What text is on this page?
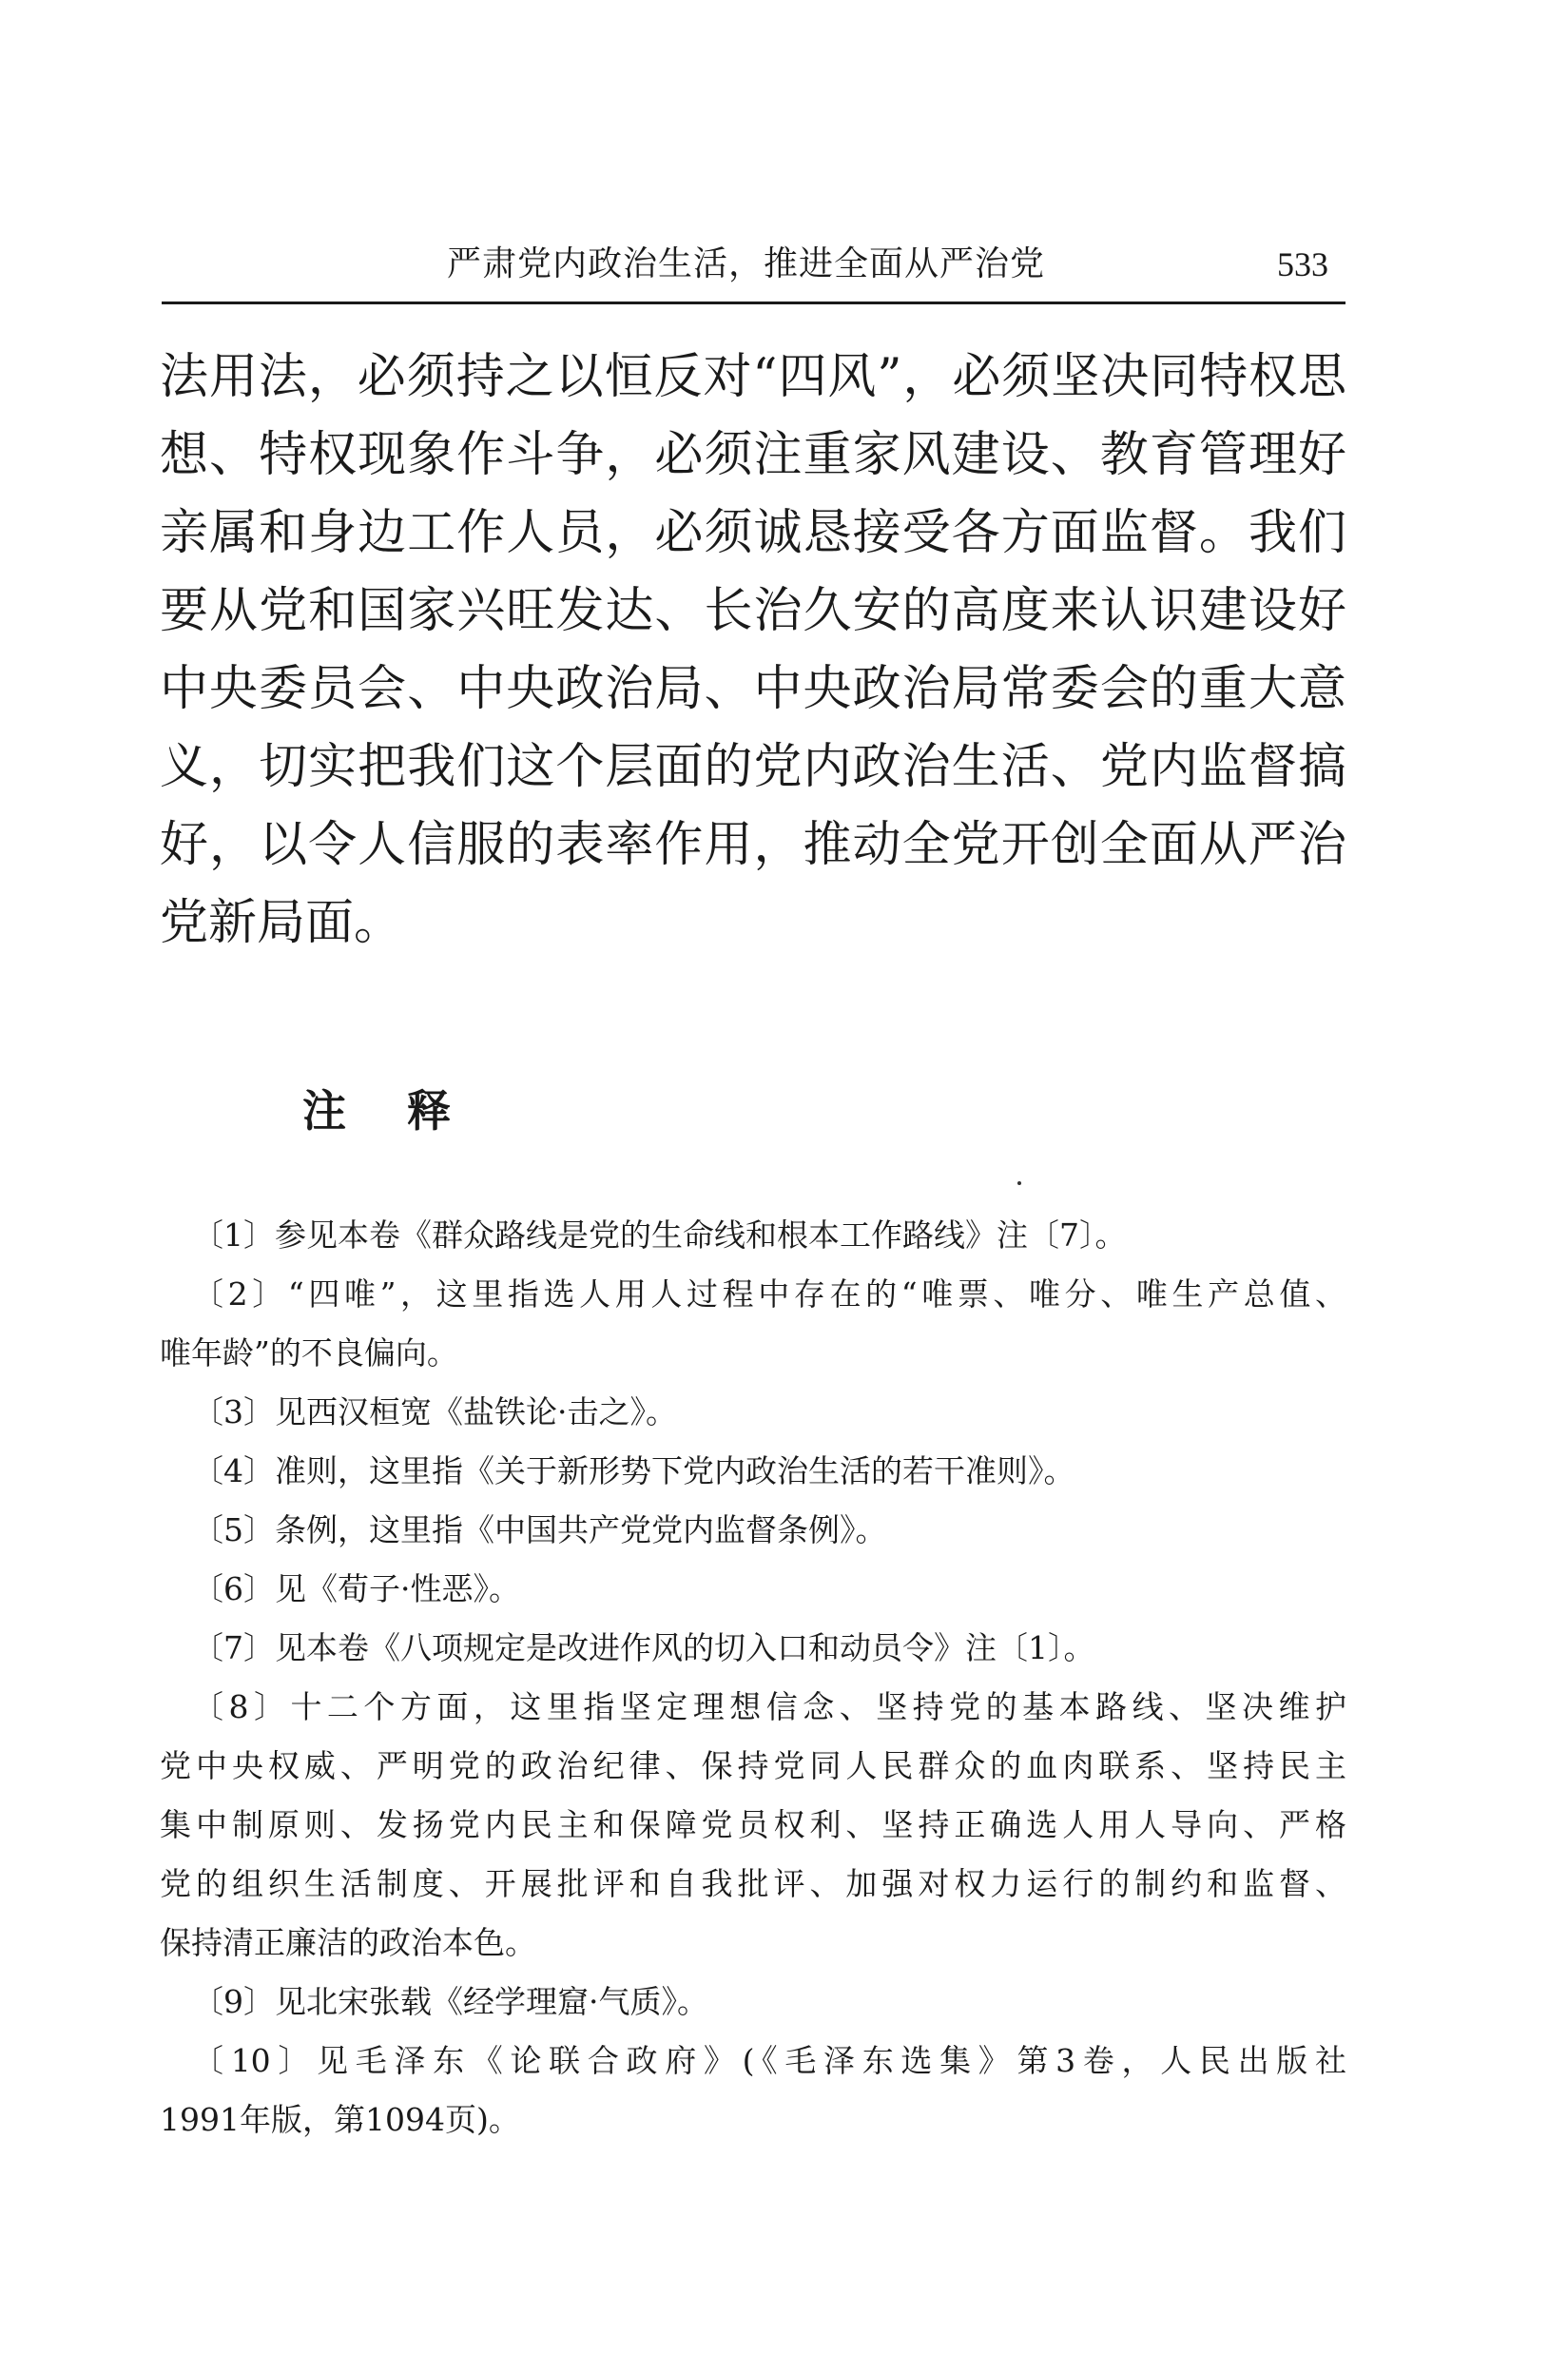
严肃党内政治生活，推进全面从严治党	533
法用法，必须持之以恒反对“四风”，必须坚决同特权思
想、特权现象作斗争，必须注重家风建设、教育管理好
亲属和身边工作人员，必须诚恳接受各方面监督。我们
要从党和国家兴旺发达、长治久安的高度来认识建设好
中央委员会、中央政治局、中央政治局常委会的重大意
义，切实把我们这个层面的党内政治生活、党内监督搞
好，以令人信服的表率作用，推动全党开创全面从严治
党新局面。
注释
〔1〕参见本卷《群众路线是党的生命线和根本工作路线》注〔7〕。
〔2〕“四唯”，这里指选人用人过程中存在的“唯票、唯分、唯生产总值、
唯年龄”的不良偏向。
〔3〕见西汉桓宽《盐铁论·击之》。
〔4〕准则，这里指《关于新形势下党内政治生活的若干准则》。
〔5〕条例，这里指《中国共产党党内监督条例》。
〔6〕见《荀子·性恶》。
〔7〕见本卷《八项规定是改进作风的切入口和动员令》注〔1〕。
〔8〕十二个方面，这里指坚定理想信念、坚持党的基本路线、坚决维护
党中央权威、严明党的政治纪律、保持党同人民群众的血肉联系、坚持民主
集中制原则、发扬党内民主和保障党员权利、坚持正确选人用人导向、严格
党的组织生活制度、开展批评和自我批评、加强对权力运行的制约和监督、
保持清正廉洁的政治本色。
〔9〕见北宋张载《经学理窟·气质》。
〔10〕见毛泽东《论联合政府》(《毛泽东选集》第3卷，人民出版社
1991年版，第1094页)。
